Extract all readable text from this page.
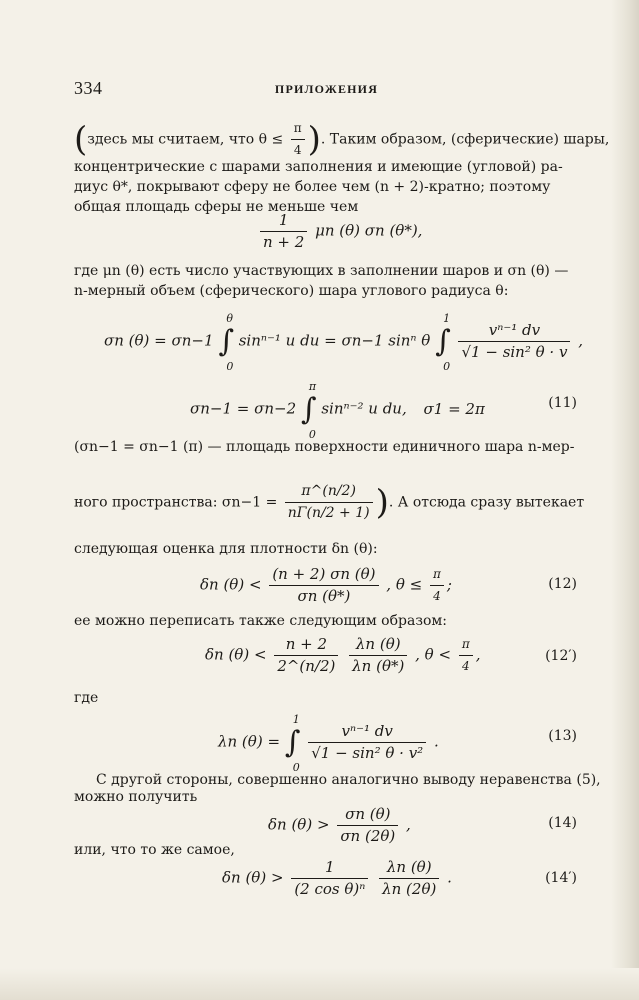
334	ПРИЛОЖЕНИЯ
(здесь мы считаем, что $\theta \le \frac{\pi}{4}$ ). Таким образом, (сферические) шары,
концентрические с шарами заполнения и имеющие (угловой) ра-
диус θ*, покрывают сферу не более чем (n + 2)-кратно; поэтому
общая площадь сферы не меньше чем
$\frac{1}{n + 2}$ μn (θ) σn (θ*),
где μn (θ) есть число участвующих в заполнении шаров и σn (θ) —
n-мерный объем (сферического) шара углового радиуса θ:
σn (θ) = σn−1 ∫
θ
0
sinⁿ⁻¹ u du = σn−1 sinⁿ θ ∫
1
0

$\frac{\text{vⁿ⁻¹ dv}}{\text{√1 − sin² θ · v}}$ ,
σn−1 = σn−2 ∫
π
0
sinⁿ⁻² u du, σ1 = 2π	(11)
(σn−1 = σn−1 (π) — площадь поверхности единичного шара n-мер-
ного пространства: $\sigma n-1 = \frac{\pi\^{}(n/2)}{n\Gamma(n/2 + 1)}$ ). А отсюда сразу вытекает
следующая оценка для плотности δn (θ):
δn $(\theta) < \frac{(n + 2) \sigma n (\theta)}{\sigma n (\theta*)}$ , $\theta \le \frac{\pi}{4}$ ;	(12)
ее можно переписать также следующим образом:
δn $(\theta) < \frac{n + 2}{2\^{}(n/2)}$
$\frac{\lambda n (\theta)}{\lambda n (\theta*)}$ , $\theta < \frac{\pi}{4}$ ,	(12′)
где
λn (θ) = ∫
1
0

$\frac{\text{vⁿ⁻¹ dv}}{\text{√1 − sin² θ · v²}}$ .	(13)
С другой стороны, совершенно аналогично выводу неравенства (5),
можно получить
δn $(\theta) > \frac{\sigma n (\theta)}{\sigma n (2\theta)}$ ,	(14)
или, что то же самое,
δn $(\theta) > \frac{1}{\text{(2 cos θ)ⁿ}}$
$\frac{\lambda n (\theta)}{\lambda n (2\theta)}$ .	(14′)
